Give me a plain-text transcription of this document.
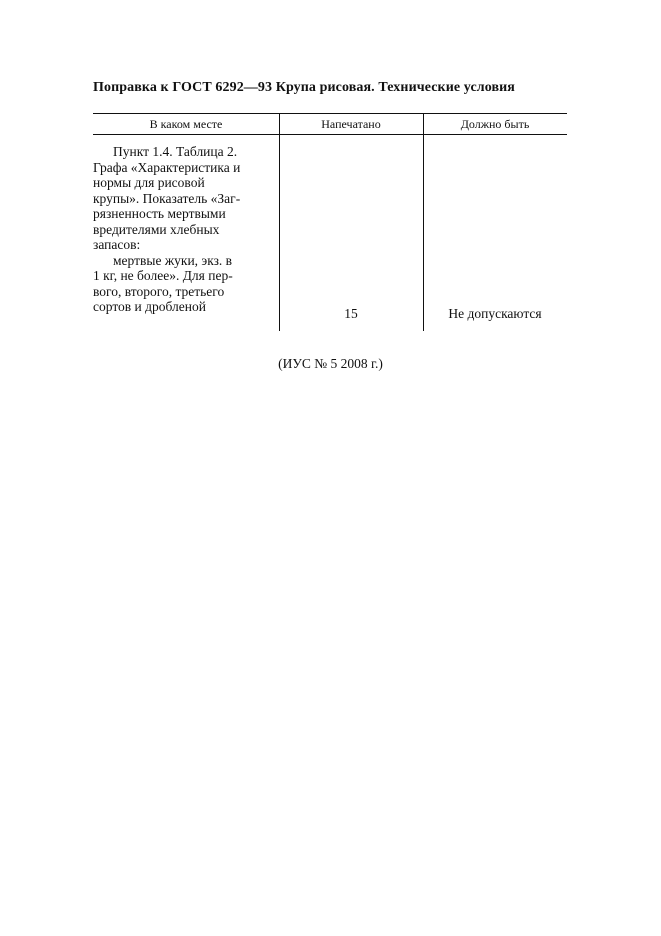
Поправка к ГОСТ 6292—93 Крупа рисовая. Технические условия
В каком месте	Напечатано	Должно быть
Пункт 1.4. Таблица 2.
Графа «Характеристика и
нормы для рисовой
крупы». Показатель «Заг-
рязненность мертвыми
вредителями хлебных
запасов:
мертвые жуки, экз. в
1 кг, не более». Для пер-
вого, второго, третьего
сортов и дробленой	15	Не допускаются
(ИУС № 5 2008 г.)
